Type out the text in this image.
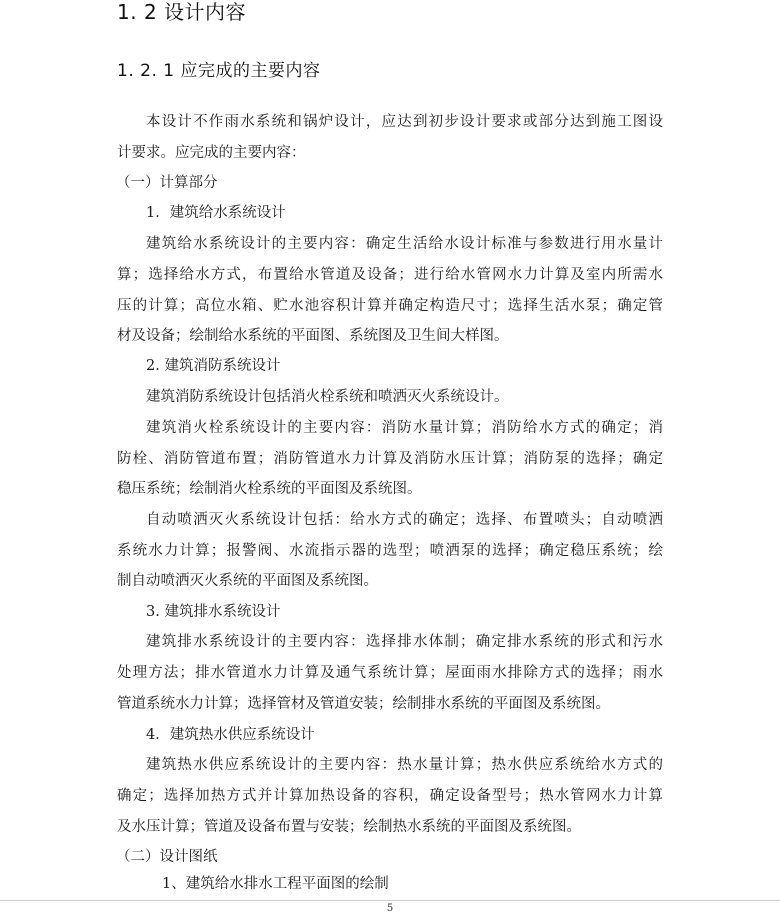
1. 2 设计内容
1. 2. 1 应完成的主要内容

本设计不作雨水系统和锅炉设计，应达到初步设计要求或部分达到施工图设

计要求。应完成的主要内容：

（一）计算部分

1．建筑给水系统设计

建筑给水系统设计的主要内容：确定生活给水设计标准与参数进行用水量计

算；选择给水方式，布置给水管道及设备；进行给水管网水力计算及室内所需水

压的计算；高位水箱、贮水池容积计算并确定构造尺寸；选择生活水泵；确定管

材及设备；绘制给水系统的平面图、系统图及卫生间大样图。

2. 建筑消防系统设计

建筑消防系统设计包括消火栓系统和喷洒灭火系统设计。

建筑消火栓系统设计的主要内容：消防水量计算；消防给水方式的确定；消

防栓、消防管道布置；消防管道水力计算及消防水压计算；消防泵的选择；确定

稳压系统；绘制消火栓系统的平面图及系统图。

自动喷洒灭火系统设计包括：给水方式的确定；选择、布置喷头；自动喷洒

系统水力计算；报警阀、水流指示器的选型；喷洒泵的选择；确定稳压系统；绘

制自动喷洒灭火系统的平面图及系统图。

3. 建筑排水系统设计

建筑排水系统设计的主要内容：选择排水体制；确定排水系统的形式和污水

处理方法；排水管道水力计算及通气系统计算；屋面雨水排除方式的选择；雨水

管道系统水力计算；选择管材及管道安装；绘制排水系统的平面图及系统图。

4．建筑热水供应系统设计

建筑热水供应系统设计的主要内容：热水量计算；热水供应系统给水方式的

确定；选择加热方式并计算加热设备的容积，确定设备型号；热水管网水力计算

及水压计算；管道及设备布置与安装；绘制热水系统的平面图及系统图。

（二）设计图纸

1、建筑给水排水工程平面图的绘制

5
